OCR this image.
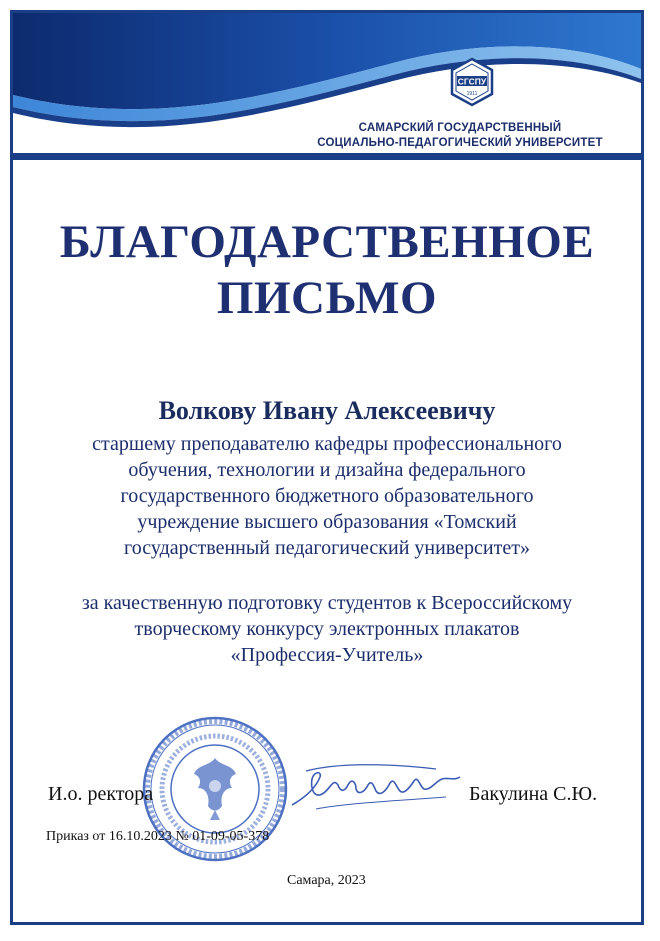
СГСПУ
1911
САМАРСКИЙ ГОСУДАРСТВЕННЫЙ
СОЦИАЛЬНО-ПЕДАГОГИЧЕСКИЙ УНИВЕРСИТЕТ
БЛАГОДАРСТВЕННОЕ
ПИСЬМО
Волкову Ивану Алексеевичу
старшему преподавателю кафедры профессионального
обучения, технологии и дизайна федерального
государственного бюджетного образовательного
учреждение высшего образования «Томский
государственный педагогический университет»
за качественную подготовку студентов к Всероссийскому
творческому конкурсу электронных плакатов
«Профессия-Учитель»
И.о. ректора	Бакулина С.Ю.
Приказ от 16.10.2023 № 01-09-05-378
Самара, 2023
